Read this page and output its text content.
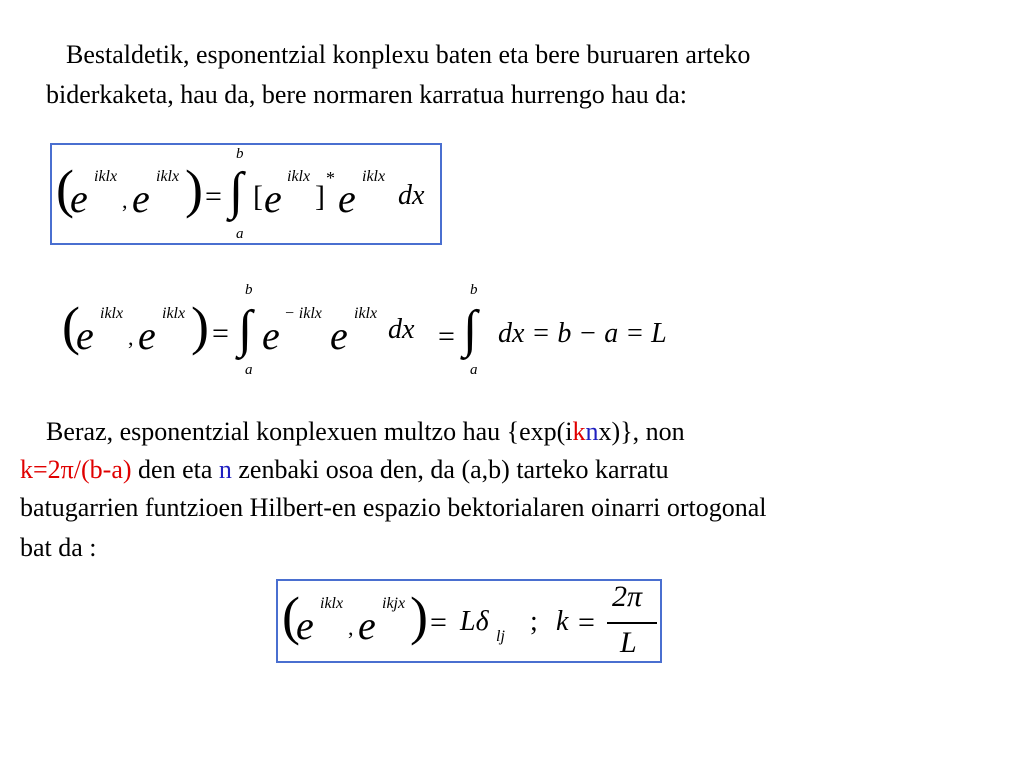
Bestaldetik, esponentzial konplexu baten eta bere buruaren arteko
biderkaketa, hau da, bere normaren karratua hurrengo hau da:
(
e iklx
, e iklx ) =
b
∫
a
[ e iklx
]
* e iklx
dx
(
e iklx
, e iklx ) =
b
∫
a
e − iklx e iklx
dx =
b
∫
a
dx = b − a = L
Beraz, esponentzial konplexuen multzo hau {exp(iknx)}, non
k=2π/(b-a) den eta n zenbaki osoa den, da (a,b) tarteko karratu
batugarrien funtzioen Hilbert-en espazio bektorialaren oinarri ortogonal
bat da :
(
e iklx
, e ikjx ) = Lδ lj ; k =
2π
L
